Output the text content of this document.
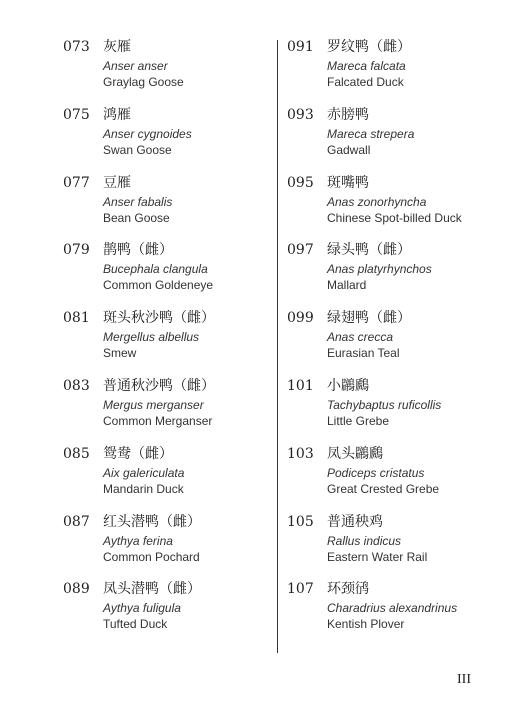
073 灰雁
Anser anser
Graylag Goose
075 鸿雁
Anser cygnoides
Swan Goose
077 豆雁
Anser fabalis
Bean Goose
079 鹊鸭（雌）
Bucephala clangula
Common Goldeneye
081 斑头秋沙鸭（雌）
Mergellus albellus
Smew
083 普通秋沙鸭（雌）
Mergus merganser
Common Merganser
085 鸳鸯（雌）
Aix galericulata
Mandarin Duck
087 红头潜鸭（雌）
Aythya ferina
Common Pochard
089 凤头潜鸭（雌）
Aythya fuligula
Tufted Duck
091 罗纹鸭（雌）
Mareca falcata
Falcated Duck
093 赤膀鸭
Mareca strepera
Gadwall
095 斑嘴鸭
Anas zonorhyncha
Chinese Spot-billed Duck
097 绿头鸭（雌）
Anas platyrhynchos
Mallard
099 绿翅鸭（雌）
Anas crecca
Eurasian Teal
101 小鸊鷉
Tachybaptus ruficollis
Little Grebe
103 凤头鸊鷉
Podiceps cristatus
Great Crested Grebe
105 普通秧鸡
Rallus indicus
Eastern Water Rail
107 环颈鸻
Charadrius alexandrinus
Kentish Plover
III
